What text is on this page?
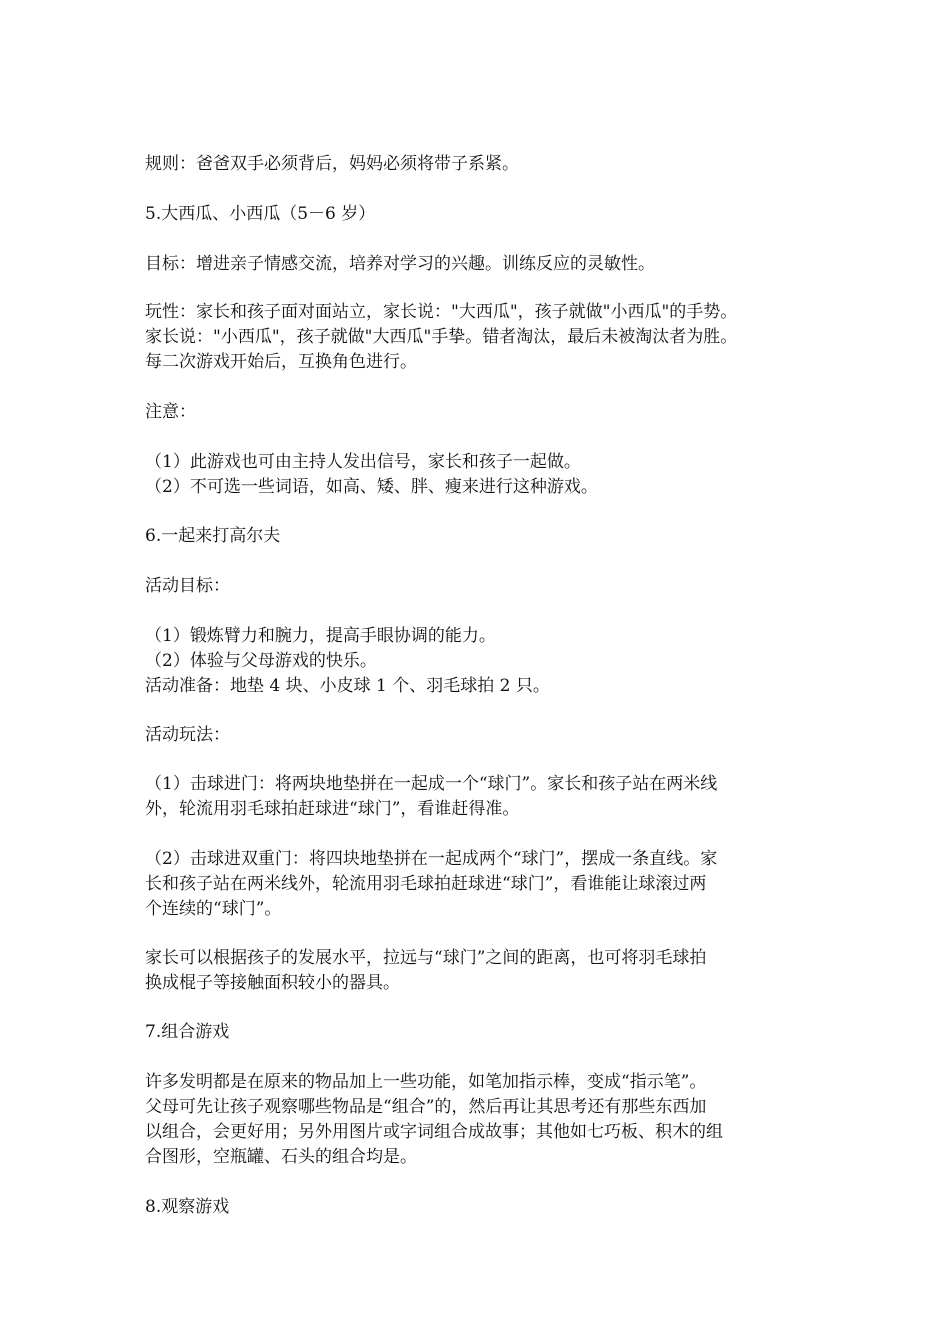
规则：爸爸双手必须背后，妈妈必须将带子系紧。
5.大西瓜、小西瓜（5－6 岁）
目标：增进亲子情感交流，培养对学习的兴趣。训练反应的灵敏性。
玩性：家长和孩子面对面站立，家长说："大西瓜"，孩子就做"小西瓜"的手势。
家长说："小西瓜"，孩子就做"大西瓜"手挚。错者淘汰，最后未被淘汰者为胜。
每二次游戏开始后，互换角色进行。
注意：
（1）此游戏也可由主持人发出信号，家长和孩子一起做。
（2）不可选一些词语，如高、矮、胖、瘦来进行这种游戏。
6.一起来打高尔夫
活动目标：
（1）锻炼臂力和腕力，提高手眼协调的能力。
（2）体验与父母游戏的快乐。
活动准备：地垫 4 块、小皮球 1 个、羽毛球拍 2 只。
活动玩法：
（1）击球进门：将两块地垫拼在一起成一个“球门”。家长和孩子站在两米线
外，轮流用羽毛球拍赶球进“球门”，看谁赶得准。
（2）击球进双重门：将四块地垫拼在一起成两个“球门”，摆成一条直线。家
长和孩子站在两米线外，轮流用羽毛球拍赶球进“球门”，看谁能让球滚过两
个连续的“球门”。
家长可以根据孩子的发展水平，拉远与“球门”之间的距离，也可将羽毛球拍
换成棍子等接触面积较小的器具。
7.组合游戏
许多发明都是在原来的物品加上一些功能，如笔加指示棒，变成“指示笔”。
父母可先让孩子观察哪些物品是“组合”的，然后再让其思考还有那些东西加
以组合，会更好用；另外用图片或字词组合成故事；其他如七巧板、积木的组
合图形，空瓶罐、石头的组合均是。
8.观察游戏
